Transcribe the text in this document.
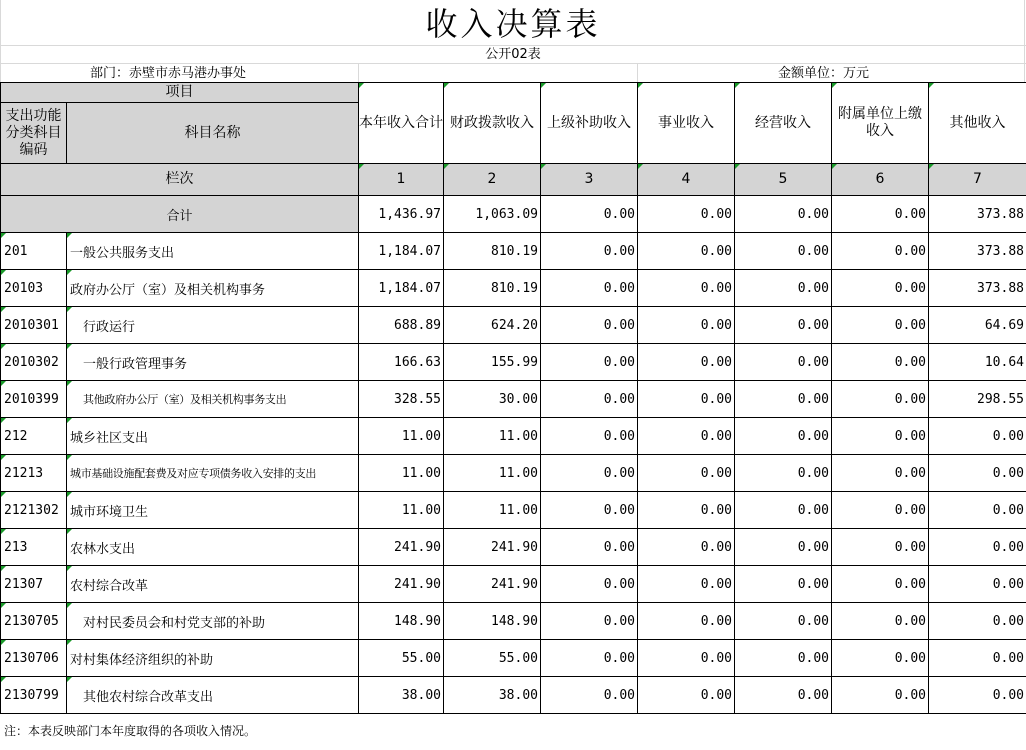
收入决算表
公开02表
部门：赤壁市赤马港办事处	金额单位：万元
项目		本年收入合计	财政拨款收入	上级补助收入	事业收入	经营收入	附属单位上缴收入	其他收入
支出功能分类科目编码	科目名称							
栏次		1	2	3	4	5	6	7
合计		1,436.97	1,063.09	0.00	0.00	0.00	0.00	373.88
201	一般公共服务支出	1,184.07	810.19	0.00	0.00	0.00	0.00	373.88
20103	政府办公厅（室）及相关机构事务	1,184.07	810.19	0.00	0.00	0.00	0.00	373.88
2010301	行政运行	688.89	624.20	0.00	0.00	0.00	0.00	64.69
2010302	一般行政管理事务	166.63	155.99	0.00	0.00	0.00	0.00	10.64
2010399	其他政府办公厅（室）及相关机构事务支出	328.55	30.00	0.00	0.00	0.00	0.00	298.55
212	城乡社区支出	11.00	11.00	0.00	0.00	0.00	0.00	0.00
21213	城市基础设施配套费及对应专项债务收入安排的支出	11.00	11.00	0.00	0.00	0.00	0.00	0.00
2121302	城市环境卫生	11.00	11.00	0.00	0.00	0.00	0.00	0.00
213	农林水支出	241.90	241.90	0.00	0.00	0.00	0.00	0.00
21307	农村综合改革	241.90	241.90	0.00	0.00	0.00	0.00	0.00
2130705	对村民委员会和村党支部的补助	148.90	148.90	0.00	0.00	0.00	0.00	0.00
2130706	对村集体经济组织的补助	55.00	55.00	0.00	0.00	0.00	0.00	0.00
2130799	其他农村综合改革支出	38.00	38.00	0.00	0.00	0.00	0.00	0.00
注：本表反映部门本年度取得的各项收入情况。
